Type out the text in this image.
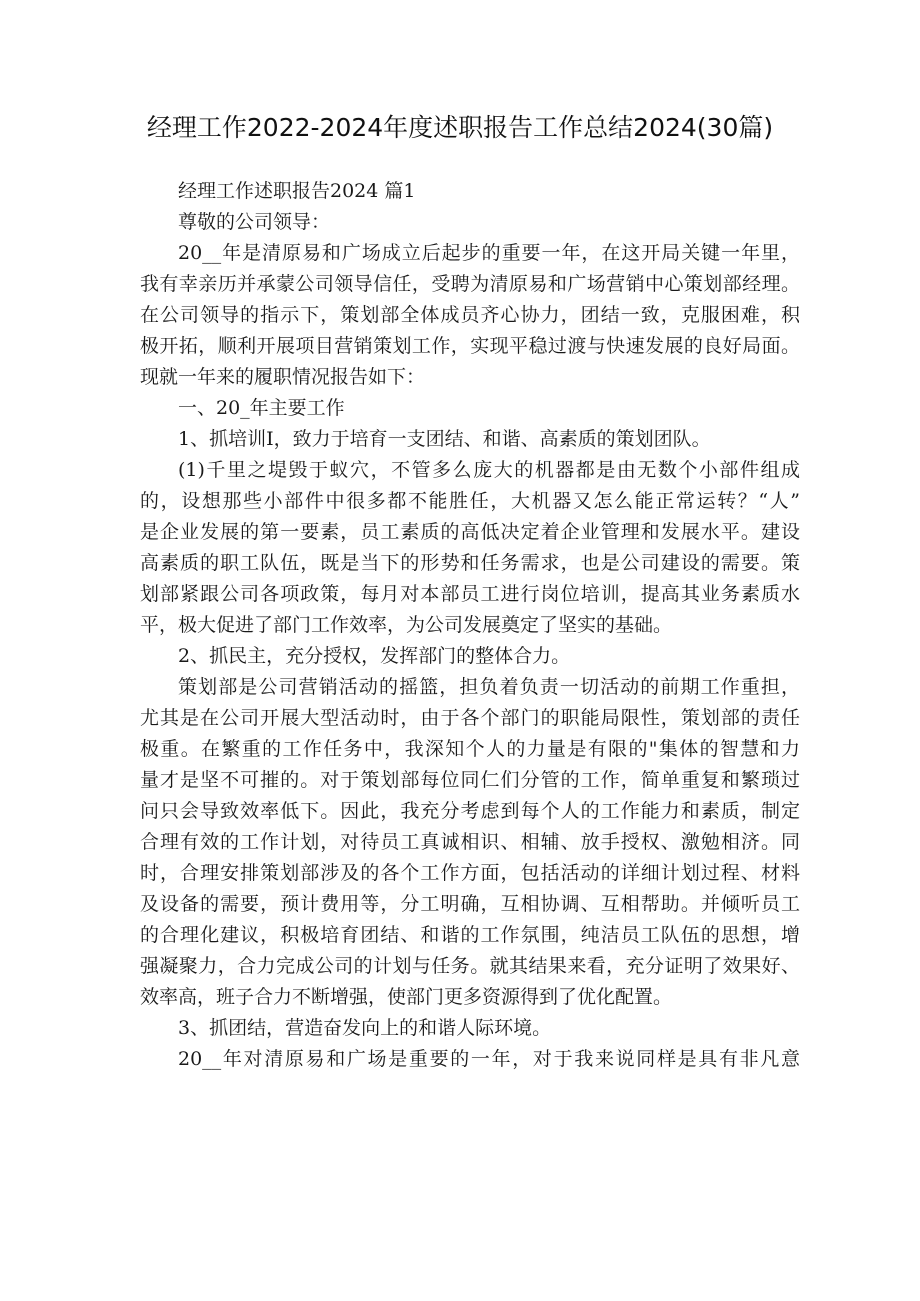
经理工作2022-2024年度述职报告工作总结2024(30篇)
经理工作述职报告2024 篇1
尊敬的公司领导：
20__年是清原易和广场成立后起步的重要一年，在这开局关键一年里，
我有幸亲历并承蒙公司领导信任，受聘为清原易和广场营销中心策划部经理。
在公司领导的指示下，策划部全体成员齐心协力，团结一致，克服困难，积
极开拓，顺利开展项目营销策划工作，实现平稳过渡与快速发展的良好局面。
现就一年来的履职情况报告如下：
一、20_年主要工作
1、抓培训I，致力于培育一支团结、和谐、高素质的策划团队。
(1)千里之堤毁于蚁穴，不管多么庞大的机器都是由无数个小部件组成
的，设想那些小部件中很多都不能胜任，大机器又怎么能正常运转？“人”
是企业发展的第一要素，员工素质的高低决定着企业管理和发展水平。建设
高素质的职工队伍，既是当下的形势和任务需求，也是公司建设的需要。策
划部紧跟公司各项政策，每月对本部员工进行岗位培训，提高其业务素质水
平，极大促进了部门工作效率，为公司发展奠定了坚实的基础。
2、抓民主，充分授权，发挥部门的整体合力。
策划部是公司营销活动的摇篮，担负着负责一切活动的前期工作重担，
尤其是在公司开展大型活动时，由于各个部门的职能局限性，策划部的责任
极重。在繁重的工作任务中，我深知个人的力量是有限的"集体的智慧和力
量才是坚不可摧的。对于策划部每位同仁们分管的工作，简单重复和繁琐过
问只会导致效率低下。因此，我充分考虑到每个人的工作能力和素质，制定
合理有效的工作计划，对待员工真诚相识、相辅、放手授权、激勉相济。同
时，合理安排策划部涉及的各个工作方面，包括活动的详细计划过程、材料
及设备的需要，预计费用等，分工明确，互相协调、互相帮助。并倾听员工
的合理化建议，积极培育团结、和谐的工作氛围，纯洁员工队伍的思想，增
强凝聚力，合力完成公司的计划与任务。就其结果来看，充分证明了效果好、
效率高，班子合力不断增强，使部门更多资源得到了优化配置。
3、抓团结，营造奋发向上的和谐人际环境。
20__年对清原易和广场是重要的一年，对于我来说同样是具有非凡意
